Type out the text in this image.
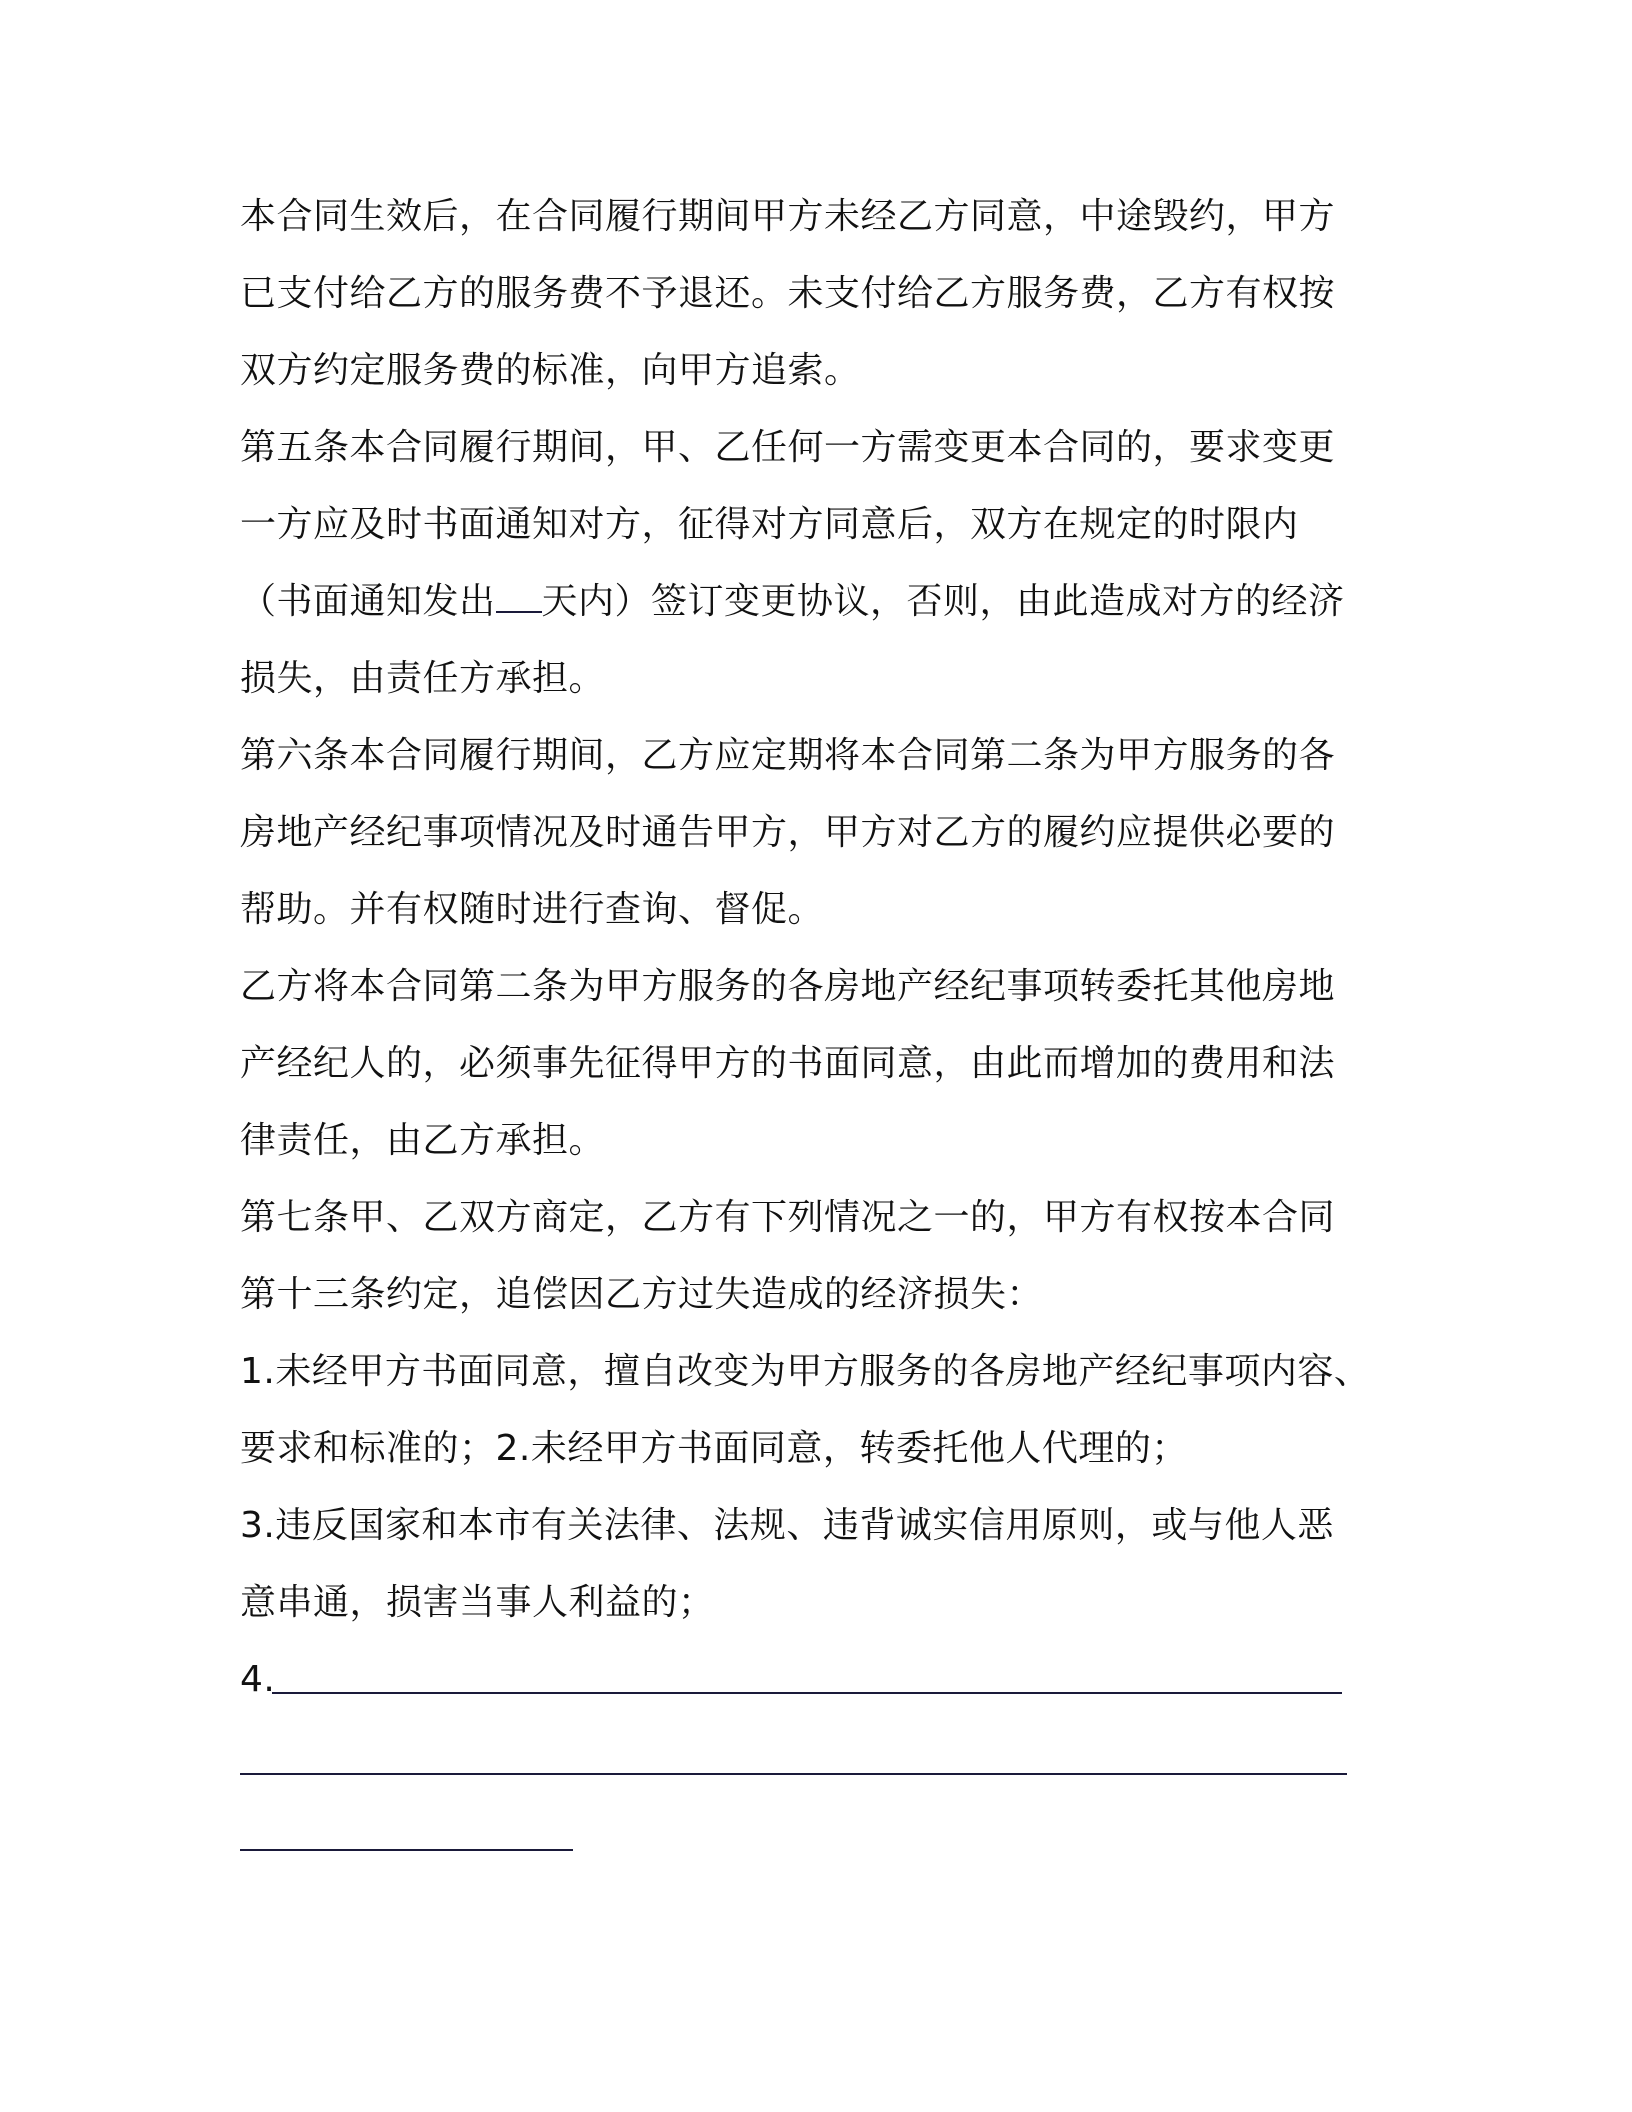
本合同生效后，在合同履行期间甲方未经乙方同意，中途毁约，甲方
已支付给乙方的服务费不予退还。未支付给乙方服务费，乙方有权按
双方约定服务费的标准，向甲方追索。
第五条本合同履行期间，甲、乙任何一方需变更本合同的，要求变更
一方应及时书面通知对方，征得对方同意后，双方在规定的时限内
（书面通知发出 天内）签订变更协议，否则，由此造成对方的经济
损失，由责任方承担。
第六条本合同履行期间，乙方应定期将本合同第二条为甲方服务的各
房地产经纪事项情况及时通告甲方，甲方对乙方的履约应提供必要的
帮助。并有权随时进行查询、督促。
乙方将本合同第二条为甲方服务的各房地产经纪事项转委托其他房地
产经纪人的，必须事先征得甲方的书面同意，由此而增加的费用和法
律责任，由乙方承担。
第七条甲、乙双方商定，乙方有下列情况之一的，甲方有权按本合同
第十三条约定，追偿因乙方过失造成的经济损失：
1.未经甲方书面同意，擅自改变为甲方服务的各房地产经纪事项内容、
要求和标准的；2.未经甲方书面同意，转委托他人代理的；
3.违反国家和本市有关法律、法规、违背诚实信用原则，或与他人恶
意串通，损害当事人利益的；
4.
